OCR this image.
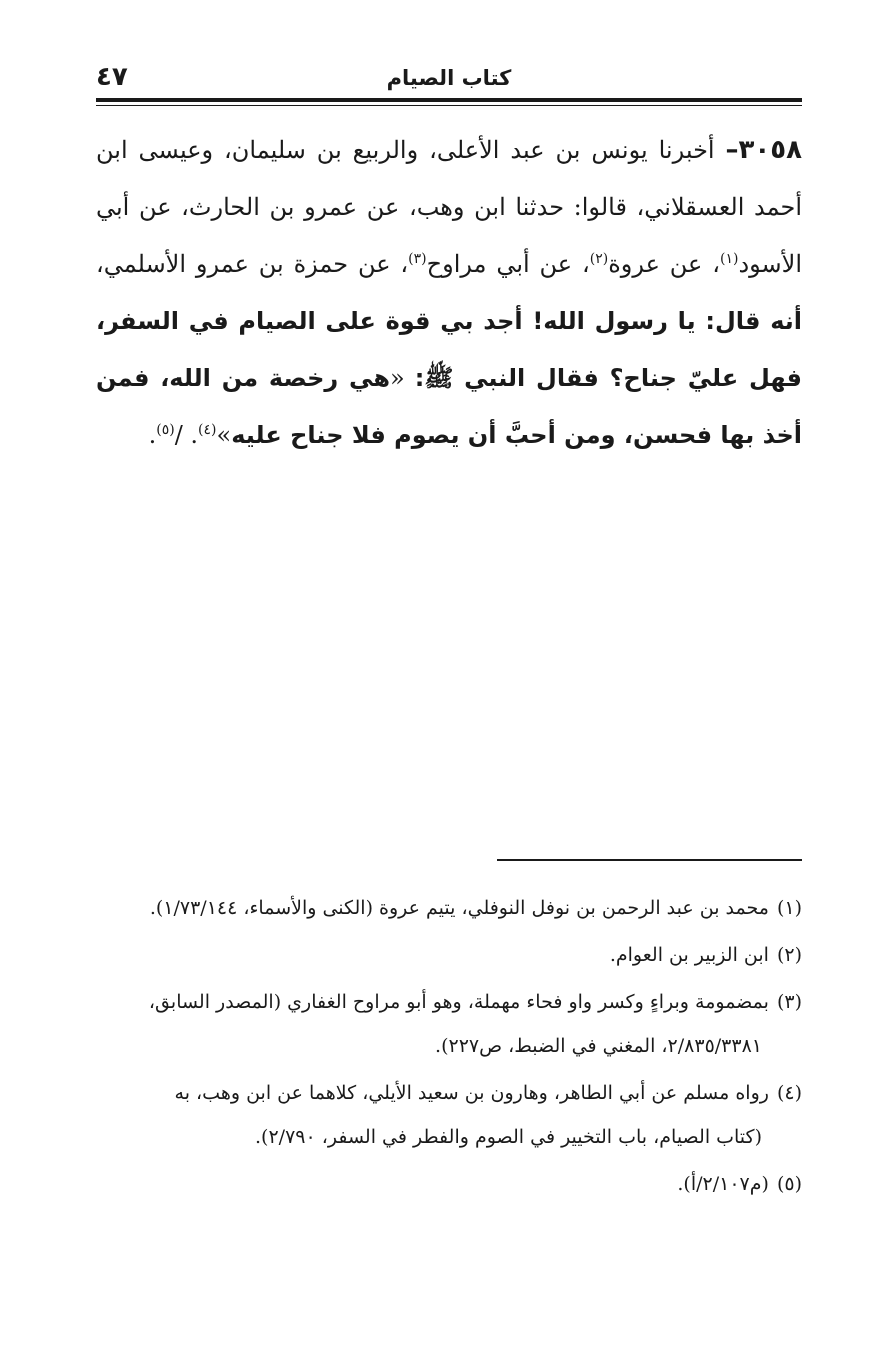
كتاب الصيام
٤٧
٣٠٥٨– أخبرنا يونس بن عبد الأعلى، والربيع بن سليمان، وعيسى ابن أحمد العسقلاني، قالوا: حدثنا ابن وهب، عن عمرو بن الحارث، عن أبي الأسود$^{(١)}$، عن عروة$^{(٢)}$، عن أبي مراوح$^{(٣)}$، عن حمزة بن عمرو الأسلمي، أنه قال: يا رسول الله! أجد بي قوة على الصيام في السفر، فهل عليّ جناح؟ فقال النبي ﷺ: «هي رخصة من الله، فمن أخذ بها فحسن، ومن أحبَّ أن يصوم فلا جناح عليه»$^{(٤)}$. /$^{(٥)}$.
(١)محمد بن عبد الرحمن بن نوفل النوفلي، يتيم عروة (الكنى والأسماء، ١/٧٣/١٤٤).
(٢)ابن الزبير بن العوام.
(٣)بمضمومة وبراءٍ وكسر واو فحاء مهملة، وهو أبو مراوح الغفاري (المصدر السابق،
٢/٨٣٥/٣٣٨١، المغني في الضبط، ص٢٢٧).
(٤)رواه مسلم عن أبي الطاهر، وهارون بن سعيد الأيلي، كلاهما عن ابن وهب، به
(كتاب الصيام، باب التخيير في الصوم والفطر في السفر، ٢/٧٩٠).
(٥)(م٢/١٠٧/أ).
